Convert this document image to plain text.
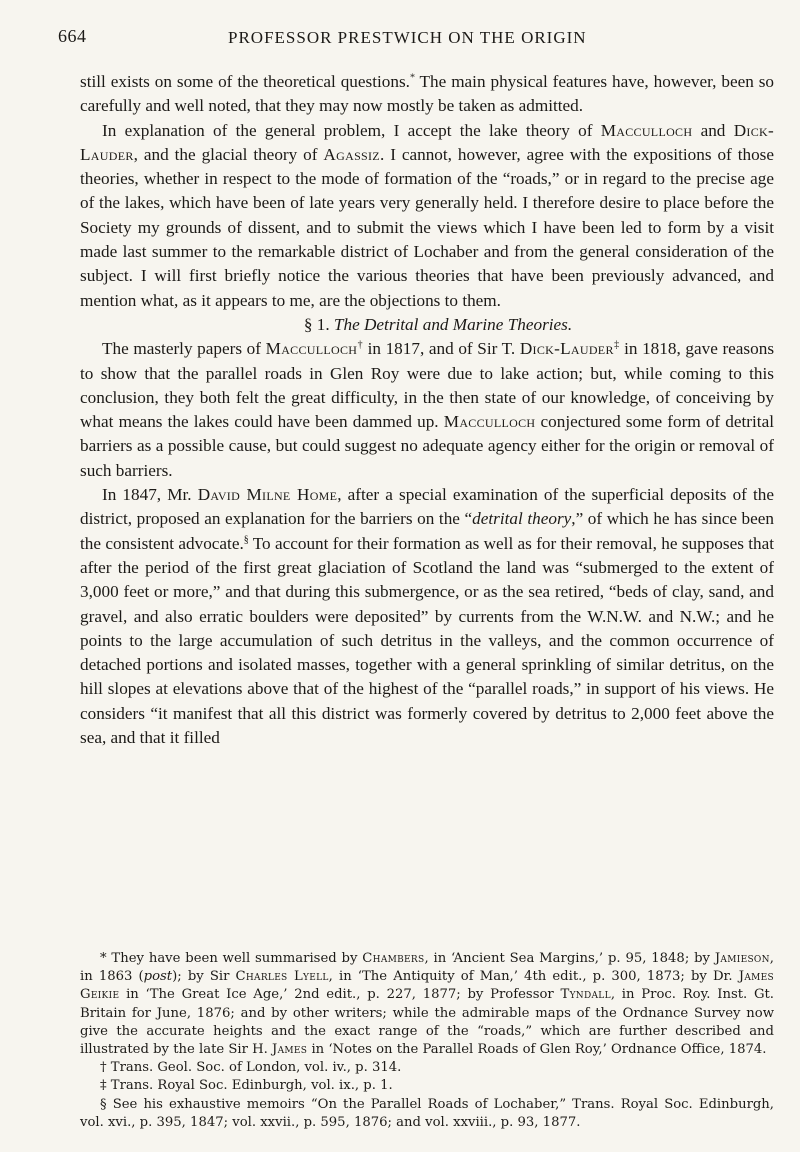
664	PROFESSOR PRESTWICH ON THE ORIGIN

still exists on some of the theoretical questions.* The main physical features have, however, been so carefully and well noted, that they may now mostly be taken as admitted.

In explanation of the general problem, I accept the lake theory of Macculloch and Dick-Lauder, and the glacial theory of Agassiz. I cannot, however, agree with the expositions of those theories, whether in respect to the mode of formation of the “roads,” or in regard to the precise age of the lakes, which have been of late years very generally held. I therefore desire to place before the Society my grounds of dissent, and to submit the views which I have been led to form by a visit made last summer to the remarkable district of Lochaber and from the general consideration of the subject. I will first briefly notice the various theories that have been previously advanced, and mention what, as it appears to me, are the objections to them.

§ 1. The Detrital and Marine Theories.

The masterly papers of Macculloch† in 1817, and of Sir T. Dick-Lauder‡ in 1818, gave reasons to show that the parallel roads in Glen Roy were due to lake action; but, while coming to this conclusion, they both felt the great difficulty, in the then state of our knowledge, of conceiving by what means the lakes could have been dammed up. Macculloch conjectured some form of detrital barriers as a possible cause, but could suggest no adequate agency either for the origin or removal of such barriers.

In 1847, Mr. David Milne Home, after a special examination of the superficial deposits of the district, proposed an explanation for the barriers on the “detrital theory,” of which he has since been the consistent advocate.§ To account for their formation as well as for their removal, he supposes that after the period of the first great glaciation of Scotland the land was “submerged to the extent of 3,000 feet or more,” and that during this submergence, or as the sea retired, “beds of clay, sand, and gravel, and also erratic boulders were deposited” by currents from the W.N.W. and N.W.; and he points to the large accumulation of such detritus in the valleys, and the common occurrence of detached portions and isolated masses, together with a general sprinkling of similar detritus, on the hill slopes at elevations above that of the highest of the “parallel roads,” in support of his views. He considers “it manifest that all this district was formerly covered by detritus to 2,000 feet above the sea, and that it filled

* They have been well summarised by Chambers, in ‘Ancient Sea Margins,’ p. 95, 1848; by Jamieson, in 1863 (post); by Sir Charles Lyell, in ‘The Antiquity of Man,’ 4th edit., p. 300, 1873; by Dr. James Geikie in ‘The Great Ice Age,’ 2nd edit., p. 227, 1877; by Professor Tyndall, in Proc. Roy. Inst. Gt. Britain for June, 1876; and by other writers; while the admirable maps of the Ordnance Survey now give the accurate heights and the exact range of the “roads,” which are further described and illustrated by the late Sir H. James in ‘Notes on the Parallel Roads of Glen Roy,’ Ordnance Office, 1874.

† Trans. Geol. Soc. of London, vol. iv., p. 314.

‡ Trans. Royal Soc. Edinburgh, vol. ix., p. 1.

§ See his exhaustive memoirs “On the Parallel Roads of Lochaber,” Trans. Royal Soc. Edinburgh, vol. xvi., p. 395, 1847; vol. xxvii., p. 595, 1876; and vol. xxviii., p. 93, 1877.
